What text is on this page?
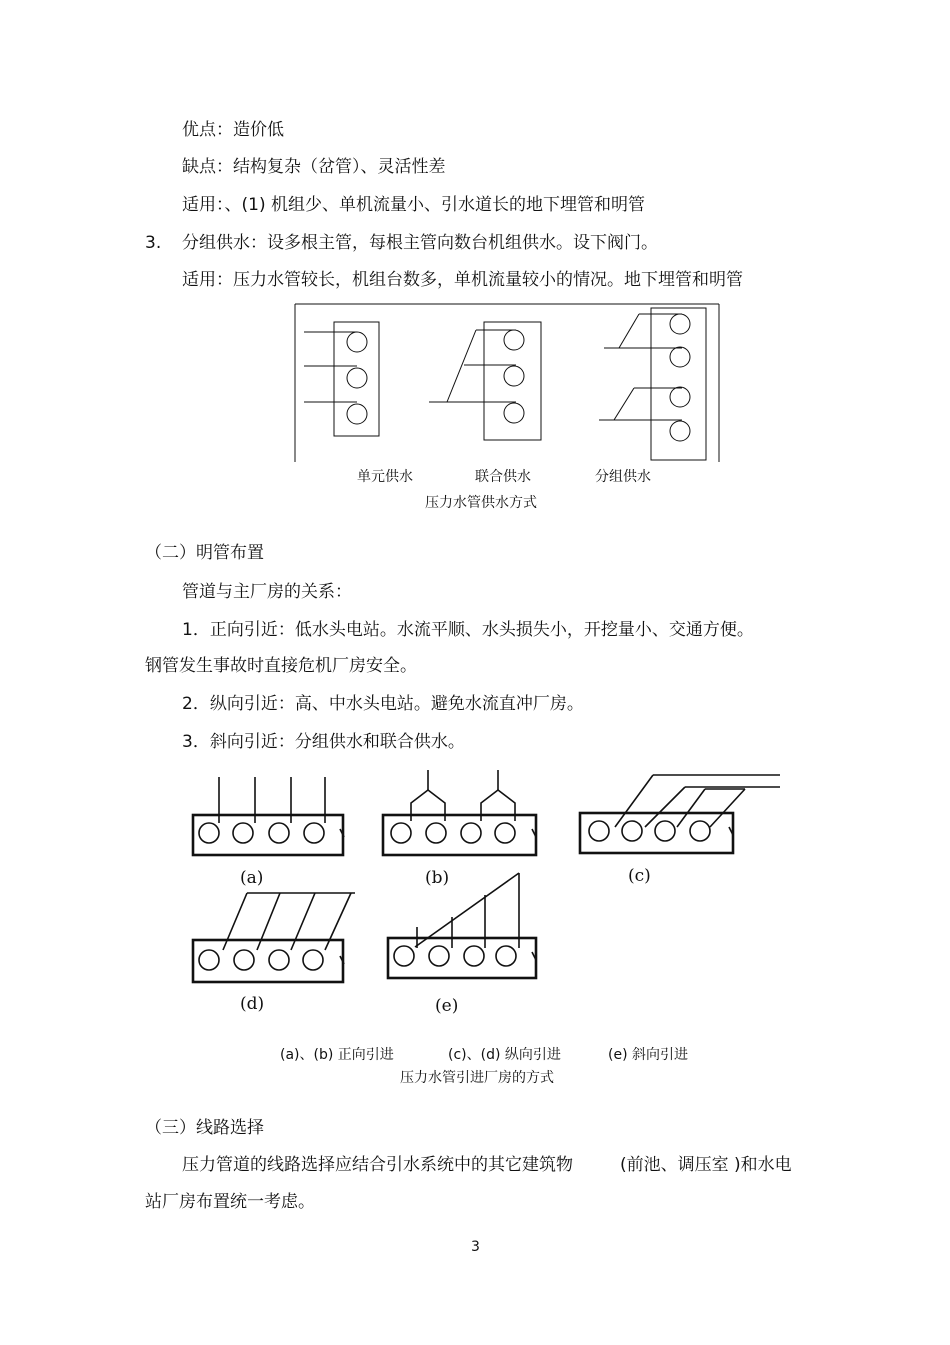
优点：造价低
缺点：结构复杂（岔管）、灵活性差
适用：、(1) 机组少、单机流量小、引水道长的地下埋管和明管
3. 分组供水：设多根主管，每根主管向数台机组供水。设下阀门。
适用：压力水管较长，机组台数多，单机流量较小的情况。地下埋管和明管
单元供水	联合供水	分组供水
压力水管供水方式
（二）明管布置
管道与主厂房的关系：
1．正向引近：低水头电站。水流平顺、水头损失小，开挖量小、交通方便。
钢管发生事故时直接危机厂房安全。
2．纵向引近：高、中水头电站。避免水流直冲厂房。
3．斜向引近：分组供水和联合供水。
(a)	(b)	(c)
(d)	(e)
(a)、(b) 正向引进	(c)、(d) 纵向引进	(e) 斜向引进
压力水管引进厂房的方式
（三）线路选择
压力管道的线路选择应结合引水系统中的其它建筑物	(前池、调压室 )和水电
站厂房布置统一考虑。
3
